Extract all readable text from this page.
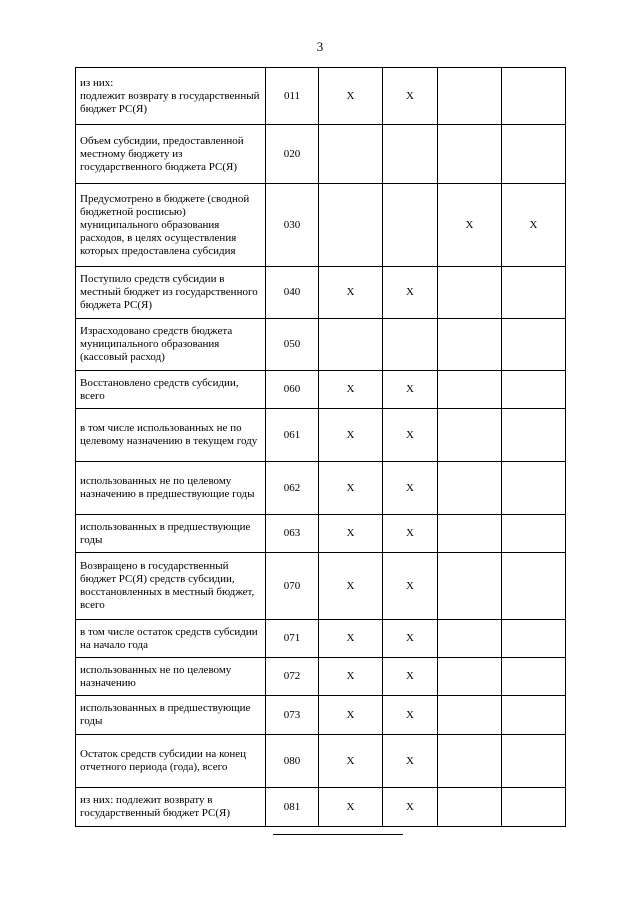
3
из них:
подлежит возврату в государственный бюджет РС(Я)	011	X	X		
Объем субсидии, предоставленной местному бюджету из государственного бюджета РС(Я)	020				
Предусмотрено в бюджете (сводной бюджетной росписью) муниципального образования расходов, в целях осуществления которых предоставлена субсидия	030			X	X
Поступило средств субсидии в местный бюджет из государственного бюджета РС(Я)	040	X	X		
Израсходовано средств бюджета муниципального образования (кассовый расход)	050				
Восстановлено средств субсидии, всего	060	X	X		
в том числе использованных не по целевому назначению в текущем году	061	X	X		
использованных не по целевому назначению в предшествующие годы	062	X	X		
использованных в предшествующие годы	063	X	X		
Возвращено в государственный бюджет РС(Я) средств субсидии, восстановленных в местный бюджет, всего	070	X	X		
в том числе остаток средств субсидии на начало года	071	X	X		
использованных не по целевому назначению	072	X	X		
использованных в предшествующие годы	073	X	X		
Остаток средств субсидии на конец отчетного периода (года), всего	080	X	X		
из них: подлежит возврату в государственный бюджет РС(Я)	081	X	X		
